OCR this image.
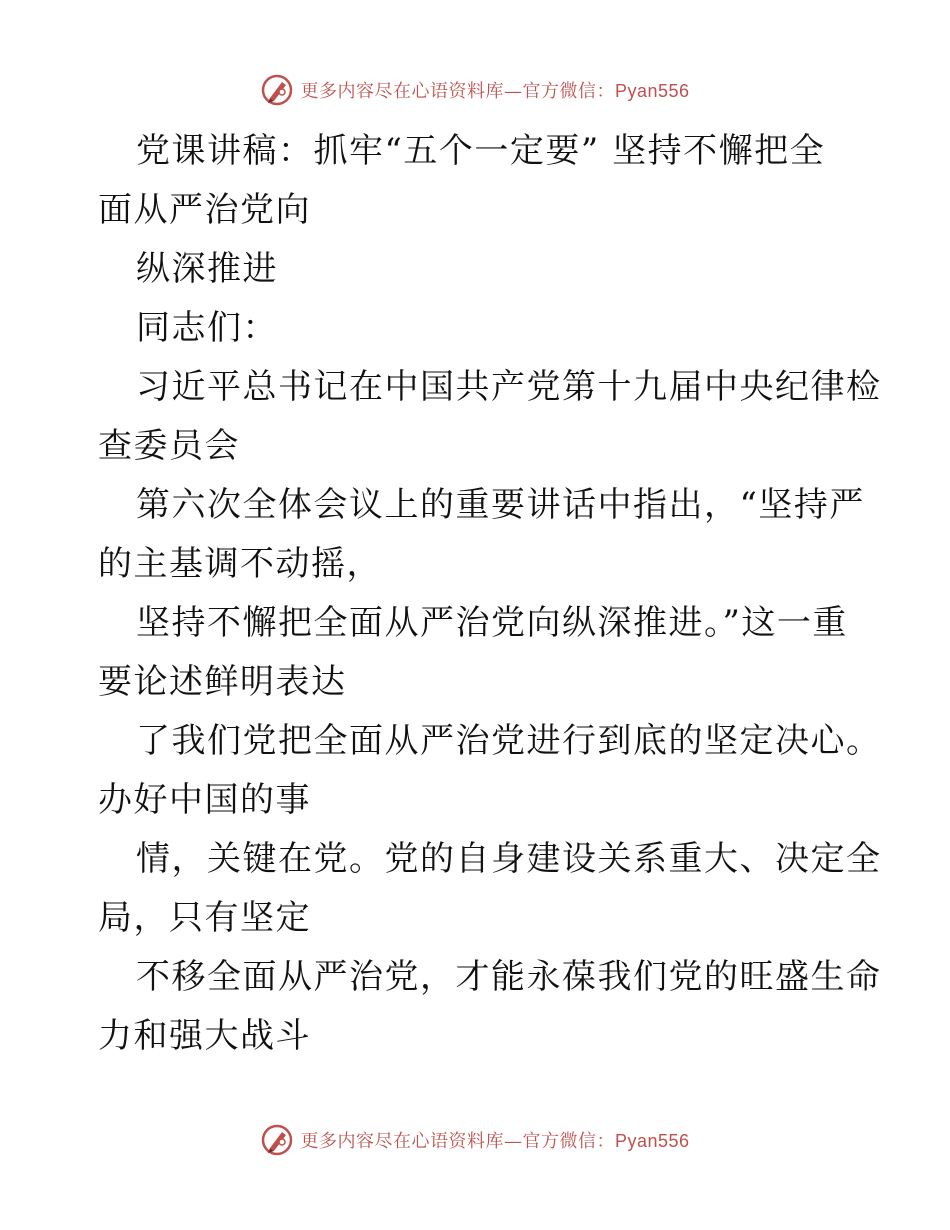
更多内容尽在心语资料库—官方微信：Pyan556
党课讲稿：抓牢“五个一定要” 坚持不懈把全
面从严治党向
纵深推进
同志们：
习近平总书记在中国共产党第十九届中央纪律检
查委员会
第六次全体会议上的重要讲话中指出，“坚持严
的主基调不动摇，
坚持不懈把全面从严治党向纵深推进。”这一重
要论述鲜明表达
了我们党把全面从严治党进行到底的坚定决心。
办好中国的事
情，关键在党。党的自身建设关系重大、决定全
局，只有坚定
不移全面从严治党，才能永葆我们党的旺盛生命
力和强大战斗
更多内容尽在心语资料库—官方微信：Pyan556
